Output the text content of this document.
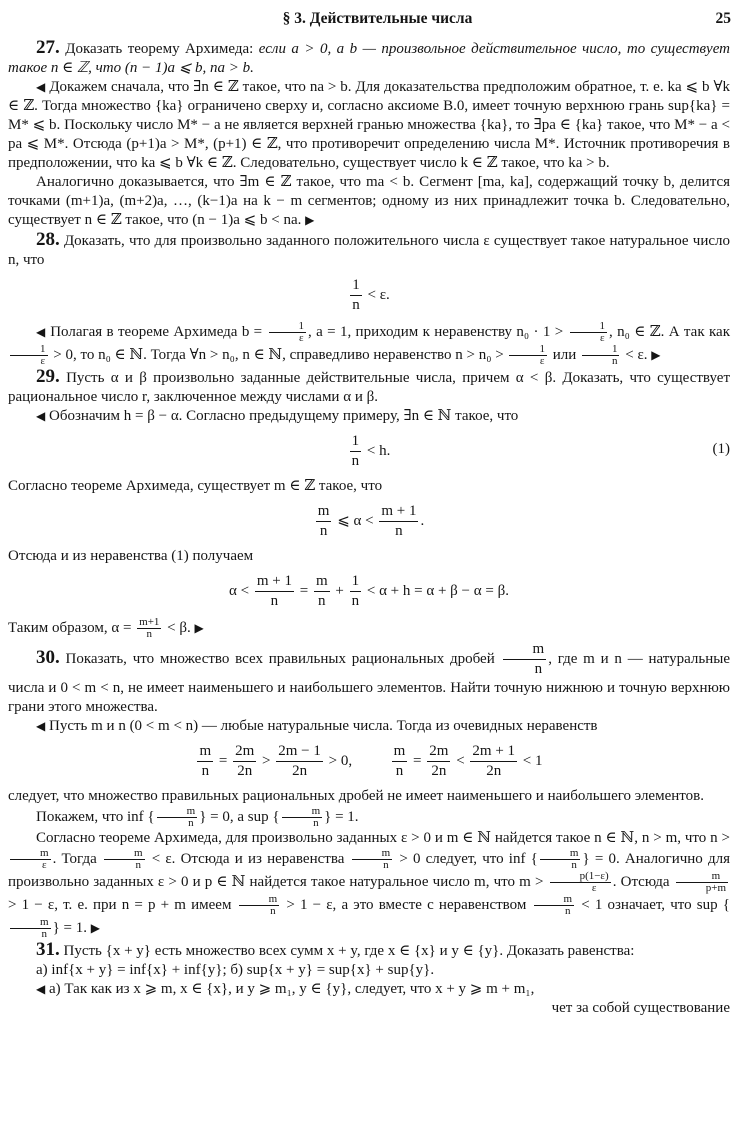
§ 3. Действительные числа	25

27. Доказать теорему Архимеда: если a > 0, a b — произвольное действительное число, то существует такое n ∈ ℤ, что (n − 1)a ⩽ b, na > b.

◀ Докажем сначала, что ∃n ∈ ℤ такое, что na > b. Для доказательства предположим обратное, т. е. ka ⩽ b ∀k ∈ ℤ. Тогда множество {ka} ограничено сверху и, согласно аксиоме В.0, имеет точную верхнюю грань sup{ka} = M* ⩽ b. Поскольку число M* − a не является верхней гранью множества {ka}, то ∃pa ∈ {ka} такое, что M* − a < pa ⩽ M*. Отсюда (p+1)a > M*, (p+1) ∈ ℤ, что противоречит определению числа M*. Источник противоречия в предположении, что ka ⩽ b ∀k ∈ ℤ. Следовательно, существует число k ∈ ℤ такое, что ka > b.

Аналогично доказывается, что ∃m ∈ ℤ такое, что ma < b. Сегмент [ma, ka], содержащий точку b, делится точками (m+1)a, (m+2)a, …, (k−1)a на k − m сегментов; одному из них принадлежит точка b. Следовательно, существует n ∈ ℤ такое, что (n − 1)a ⩽ b < na. ▶

28. Доказать, что для произвольно заданного положительного числа ε существует такое натуральное число n, что

$\frac{1}{n} < \varepsilon$.

◀ Полагая в теореме Архимеда $b = \frac{1}{\varepsilon}$ , a = 1, приходим к неравенству $n_0 \cdot 1 > \frac{1}{\varepsilon}$ , n₀ ∈ ℤ. А так как
$\frac{1}{\varepsilon} > 0$, то n₀ ∈ ℕ. Тогда ∀n > n₀, n ∈ ℕ, справедливо неравенство $n > n_0 > \frac{1}{\varepsilon}$ или $\frac{1}{n} < \varepsilon$. ▶

29. Пусть α и β произвольно заданные действительные числа, причем α < β. Доказать, что существует рациональное число r, заключенное между числами α и β.

◀ Обозначим h = β − α. Согласно предыдущему примеру, ∃n ∈ ℕ такое, что

$\frac{1}{n} < h$.	(1)

Согласно теореме Архимеда, существует m ∈ ℤ такое, что

$\frac{m}{n}$ ⩽ $\alpha < \frac{m + 1}{n}$ .

Отсюда и из неравенства (1) получаем

$\alpha < \frac{m + 1}{n} = \frac{m}{n} + \frac{1}{n} < \alpha + h = \alpha + \beta - \alpha = \beta$.

Таким образом, $\alpha = \frac{m+1}{n} < \beta$. ▶

30. Показать, что множество всех правильных рациональных дробей $\frac{m}{n}$ , где m и n — натуральные числа и 0 < m < n, не имеет наименьшего и наибольшего элементов. Найти точную нижнюю и точную верхнюю грани этого множества.

◀ Пусть m и n (0 < m < n) — любые натуральные числа. Тогда из очевидных неравенств

$\frac{m}{n} = \frac{2m}{2n} > \frac{2m - 1}{2n} > 0$,	$\frac{m}{n} = \frac{2m}{2n} < \frac{2m + 1}{2n} < 1$

следует, что множество правильных рациональных дробей не имеет наименьшего и наибольшего элементов.

Покажем, что inf { $\frac{m}{n}$ } = 0, а sup { $\frac{m}{n}$ } = 1.

Согласно теореме Архимеда, для произвольно заданных ε > 0 и m ∈ ℕ найдется такое n ∈ ℕ, n > m, что n >
$\frac{m}{\varepsilon}$ . Тогда $\frac{m}{n} < \varepsilon$. Отсюда и из неравенства $\frac{m}{n} > 0$ следует, что inf { $\frac{m}{n}$ } = 0. Аналогично для произвольно заданных ε > 0 и p ∈ ℕ найдется такое натуральное число m, что $m > \frac{p(1-\varepsilon)}{\varepsilon}$ . Отсюда $\frac{m}{p+m}$
> 1 − ε, т. е. при n = p + m имеем $\frac{m}{n} > 1 - \varepsilon$, а это вместе с неравенством $\frac{m}{n} < 1$ означает, что sup {
$\frac{m}{n}$ } = 1. ▶

31. Пусть {x + y} есть множество всех сумм x + y, где x ∈ {x} и y ∈ {y}. Доказать равенства:

а) inf{x + y} = inf{x} + inf{y}; б) sup{x + y} = sup{x} + sup{y}.

◀ а) Так как из x ⩾ m, x ∈ {x}, и y ⩾ m₁, y ∈ {y}, следует, что x + y ⩾ m + m₁,

чет за собой существование
